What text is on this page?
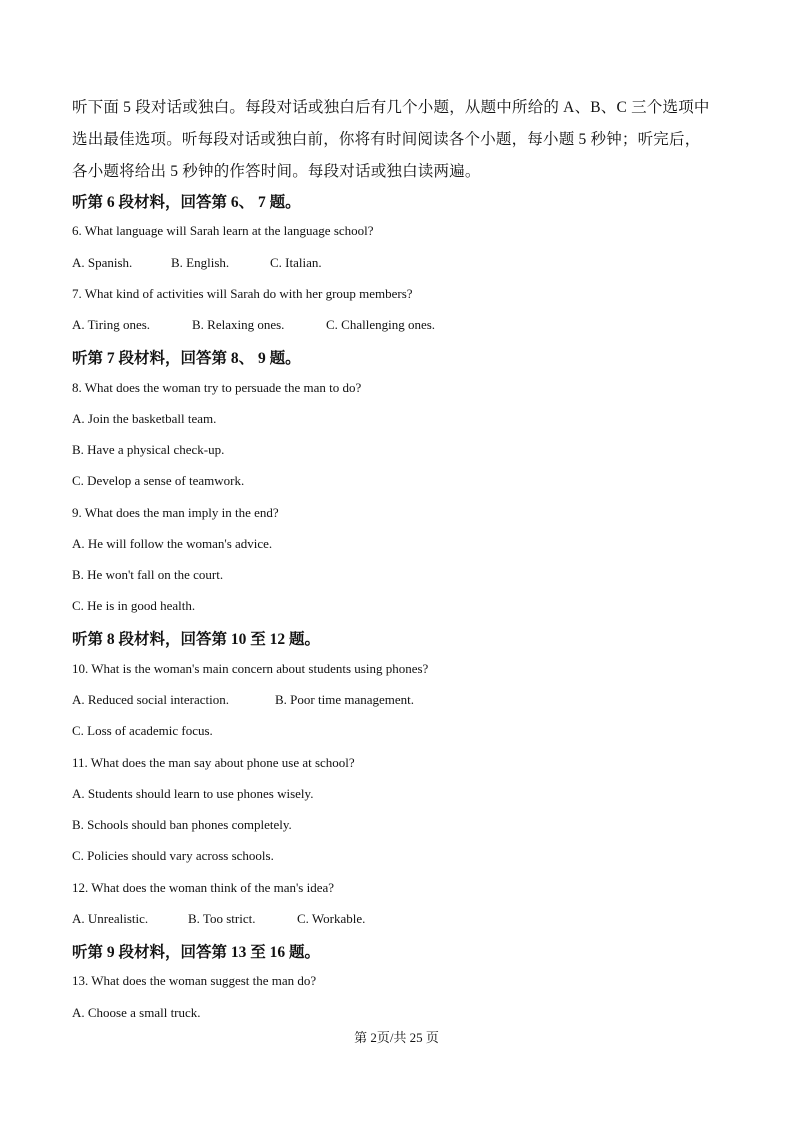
听下面 5 段对话或独白。每段对话或独白后有几个小题，从题中所给的 A、B、C 三个选项中
选出最佳选项。听每段对话或独白前，你将有时间阅读各个小题，每小题 5 秒钟；听完后，
各小题将给出 5 秒钟的作答时间。每段对话或独白读两遍。
听第 6 段材料，回答第 6、 7 题。
6. What language will Sarah learn at the language school?
A. Spanish.	B. English.	C. Italian.
7. What kind of activities will Sarah do with her group members?
A. Tiring ones.	B. Relaxing ones.	C. Challenging ones.
听第 7 段材料，回答第 8、 9 题。
8. What does the woman try to persuade the man to do?
A. Join the basketball team.
B. Have a physical check-up.
C. Develop a sense of teamwork.
9. What does the man imply in the end?
A. He will follow the woman's advice.
B. He won't fall on the court.
C. He is in good health.
听第 8 段材料，回答第 10 至 12 题。
10. What is the woman's main concern about students using phones?
A. Reduced social interaction.	B. Poor time management.
C. Loss of academic focus.
11. What does the man say about phone use at school?
A. Students should learn to use phones wisely.
B. Schools should ban phones completely.
C. Policies should vary across schools.
12. What does the woman think of the man's idea?
A. Unrealistic.	B. Too strict.	C. Workable.
听第 9 段材料，回答第 13 至 16 题。
13. What does the woman suggest the man do?
A. Choose a small truck.
第 2页/共 25 页
